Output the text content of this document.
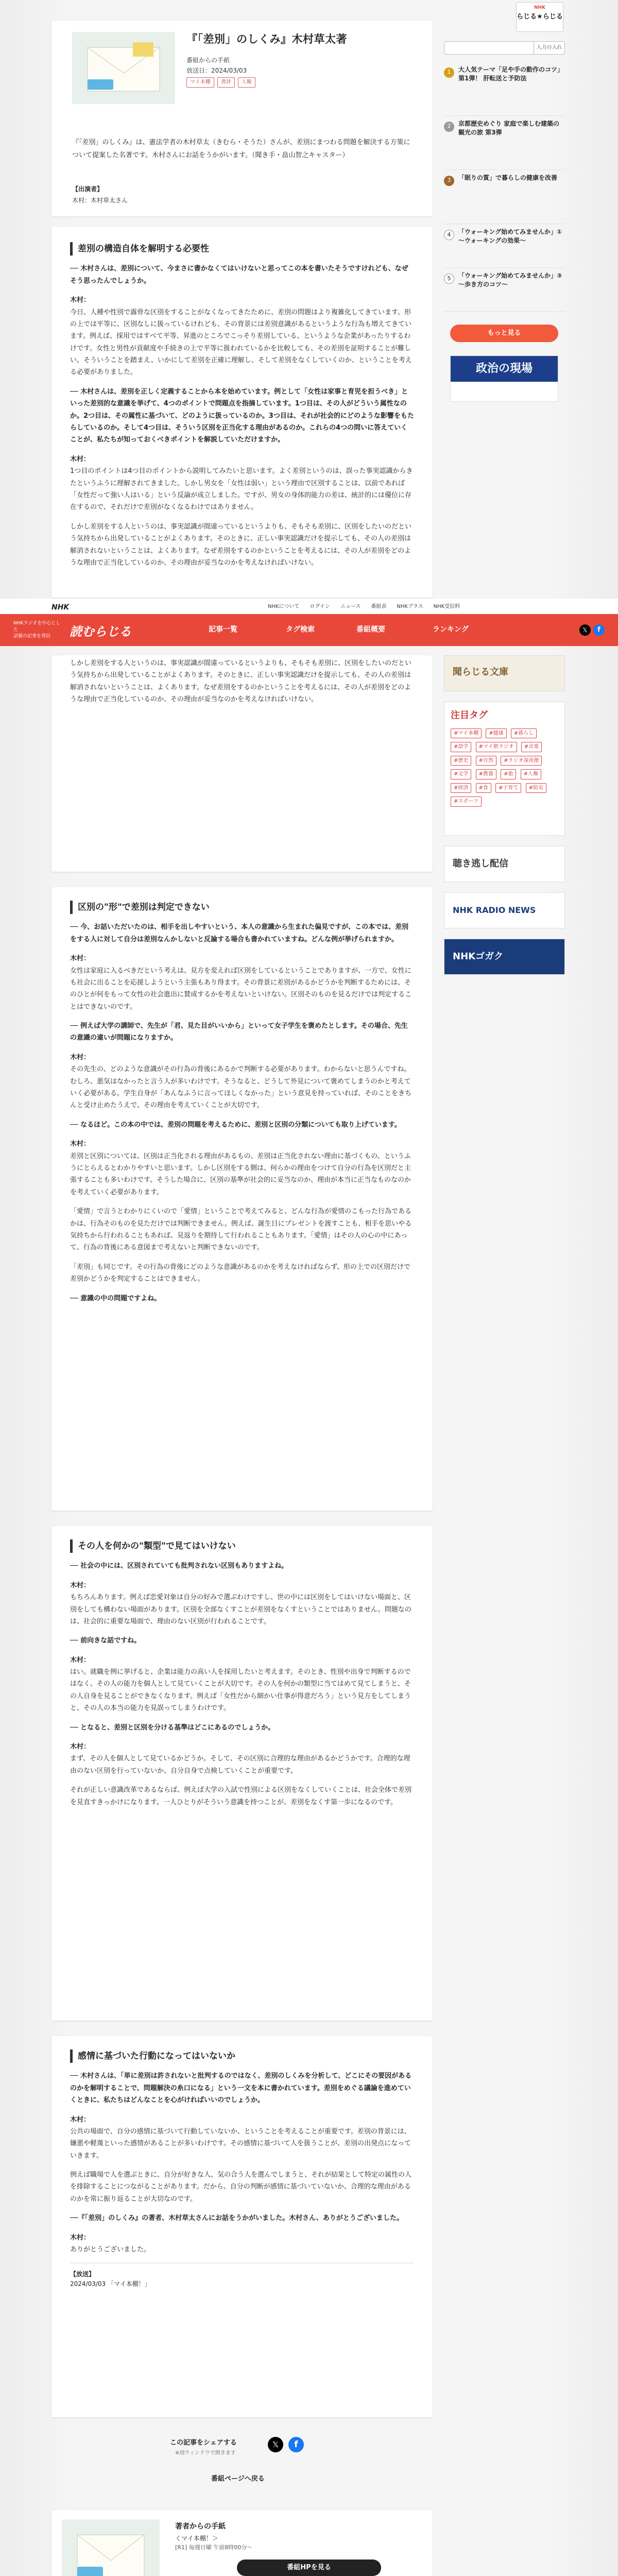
『「差別」のしくみ』木村草太著
番組からの手紙
放送日：2024/03/03
マイ本棚	書評	人権
『「差別」のしくみ』は、憲法学者の木村草太（きむら・そうた）さんが、差別にまつわる問題を解決する方策について提案した名著です。木村さんにお話をうかがいます。（聞き手・畠山智之キャスター）
【出演者】
木村：木村草太さん
差別の構造自体を解明する必要性

── 木村さんは、差別について、今まさに書かなくてはいけないと思ってこの本を書いたそうですけれども、なぜそう思ったんでしょうか。

木村：
今日、人種や性別で露骨な区別をすることがなくなってきたために、差別の問題はより複雑化してきています。形の上では平等に、区別なしに扱っているけれども、その背景には差別意識があるというような行為も増えてきています。例えば、採用ではすべて平等、昇進のところでこっそり差別している、というような企業があったりするわけです。女性と男性が貢献度や手続きの上で平等に扱われているかを比較しても、その差別を証明することが難しい。そういうことを踏まえ、いかにして差別を正確に理解し、そして差別をなくしていくのか、ということを考える必要がありました。

── 木村さんは、差別を正しく定義することから本を始めています。例として「女性は家事と育児を担うべき」といった差別的な意識を挙げて、4つのポイントで問題点を指摘しています。1つ目は、その人がどういう属性なのか。2つ目は、その属性に基づいて、どのように扱っているのか。3つ目は、それが社会的にどのような影響をもたらしているのか。そして4つ目は、そういう区別を正当化する理由があるのか。これらの4つの問いに答えていくことが、私たちが知っておくべきポイントを解説していただけますか。

木村：
1つ目のポイントは4つ目のポイントから説明してみたいと思います。よく差別というのは、誤った事実認識からきたというふうに理解されてきました。しかし男女を「女性は弱い」という理由で区別することは、以前であれば「女性だって強い人はいる」という反論が成立しました。ですが、男女の身体的能力の差は、統計的には優位に存在するので、それだけで差別がなくなるわけではありません。

しかし差別をする人というのは、事実認識が間違っているというよりも、そもそも差別に、区別をしたいのだという気持ちから出発していることがよくあります。そのときに、正しい事実認識だけを提示しても、その人の差別は解消されないということは、よくあります。なぜ差別をするのかということを考えるには、その人が差別をどのような理由で正当化しているのか、その理由が妥当なのかを考えなければいけない。

NHK
らじる★らじる
入力の入れ
1	大人気テーマ「足や手の動作のコツ」第1弾！ 肝転送と予防法
2	京都歴史めぐり 家庭で楽しむ建築の観光の旅 第3弾
3	「眠りの質」で暮らしの健康を改善
4	「ウォーキング始めてみませんか」① 〜ウォーキングの効果〜
5	「ウォーキング始めてみませんか」③ 〜歩き方のコツ〜
もっと見る
政治の現場
NHK	NHKについて ログイン ニュース 番組表 NHKプラス NHK受信料
NHKラジオを中心とした
話題の記事を発信	読むらじる	記事一覧	タグ検索	番組概要	ランキング	𝕏	f

しかし差別をする人というのは、事実認識が間違っているというよりも、そもそも差別に、区別をしたいのだという気持ちから出発していることがよくあります。そのときに、正しい事実認識だけを提示しても、その人の差別は解消されないということは、よくあります。なぜ差別をするのかということを考えるには、その人が差別をどのような理由で正当化しているのか、その理由が妥当なのかを考えなければいけない。

区別の"形"で差別は判定できない

── 今、お話いただいたのは、相手を出しやすいという、本人の意識から生まれた偏見ですが、この本では、差別をする人に対して自分は差別なんかしないと反論する場合も書かれていますね。どんな例が挙げられますか。

木村：
女性は家庭に入るべきだという考えは、見方を変えれば区別をしているということでありますが、一方で、女性にも社会に出ることを応援しようという主張もあり得ます。その背景に差別があるかどうかを判断するためには、そのひとが何をもって女性の社会進出に賛成するかを考えないといけない。区別そのものを見るだけでは判定することはできないのです。

── 例えば大学の講師で、先生が「君、見た目がいいから」といって女子学生を褒めたとします。その場合、先生の意識の違いが問題になりますか。

木村：
その先生の、どのような意識がその行為の背後にあるかで判断する必要があります。わからないと思うんですね。むしろ、悪気はなかったと言う人が多いわけです。そうなると、どうして外見について褒めてしまうのかと考えていく必要がある。学生自身が「あんなふうに言ってほしくなかった」という意見を持っていれば、そのことをきちんと受け止めたうえで、その理由を考えていくことが大切です。

── なるほど。この本の中では、差別の問題を考えるために、差別と区別の分類についても取り上げています。

木村：
差別と区別については、区別は正当化される理由があるもの、差別は正当化されない理由に基づくもの、というふうにとらえるとわかりやすいと思います。しかし区別をする側は、何らかの理由をつけて自分の行為を区別だと主張することも多いわけです。そうした場合に、区別の基準が社会的に妥当なのか、理由が本当に正当なものなのかを考えていく必要があります。

「愛情」で言うとわかりにくいので「愛情」ということで考えてみると、どんな行為が愛情のこもった行為であるかは、行為そのものを見ただけでは判断できません。例えば、誕生日にプレゼントを渡すことも、相手を思いやる気持ちから行われることもあれば、見返りを期待して行われることもあります。「愛情」はその人の心の中にあって、行為の背後にある意図まで考えないと判断できないのです。

「差別」も同じです。その行為の背後にどのような意識があるのかを考えなければならず、形の上での区別だけで差別かどうかを判定することはできません。

── 意識の中の問題ですよね。

その人を何かの"類型"で見てはいけない

── 社会の中には、区別されていても批判されない区別もありますよね。

木村：
もちろんあります。例えば恋愛対象は自分の好みで選ぶわけですし、世の中には区別をしてはいけない場面と、区別をしても構わない場面があります。区別を全部なくすことが差別をなくすということではありません。問題なのは、社会的に重要な場面で、理由のない区別が行われることです。

── 前向きな話ですね。

木村：
はい。就職を例に挙げると、企業は能力の高い人を採用したいと考えます。そのとき、性別や出身で判断するのではなく、その人の能力を個人として見ていくことが大切です。その人を何かの類型に当てはめて見てしまうと、その人自身を見ることができなくなります。例えば「女性だから細かい仕事が得意だろう」という見方をしてしまうと、その人の本当の能力を見誤ってしまうわけです。

── となると、差別と区別を分ける基準はどこにあるのでしょうか。

木村：
まず、その人を個人として見ているかどうか。そして、その区別に合理的な理由があるかどうかです。合理的な理由のない区別を行っていないか、自分自身で点検していくことが重要です。

それが正しい意識改革であるならば、例えば大学の入試で性別による区別をなくしていくことは、社会全体で差別を見直すきっかけになります。一人ひとりがそういう意識を持つことが、差別をなくす第一歩になるのです。

感情に基づいた行動になってはいないか

── 木村さんは、「単に差別は許されないと批判するのではなく、差別のしくみを分析して、どこにその要因があるのかを解明することで、問題解決の糸口になる」という一文を本に書かれています。差別をめぐる議論を進めていくときに、私たちはどんなことを心がければいいのでしょうか。

木村：
公共の場面で、自分の感情に基づいて行動していないか、ということを考えることが重要です。差別の背景には、嫌悪や軽蔑といった感情があることが多いわけです。その感情に基づいて人を扱うことが、差別の出発点になっていきます。

例えば職場で人を選ぶときに、自分が好きな人、気の合う人を選んでしまうと、それが結果として特定の属性の人を排除することにつながることがあります。だから、自分の判断が感情に基づいていないか、合理的な理由があるのかを常に振り返ることが大切なのです。

──『「差別」のしくみ』の著者、木村草太さんにお話をうかがいました。木村さん、ありがとうございました。

木村：
ありがとうございました。

【放送】
2024/03/03 「マイ本棚！」
この記事をシェアする
※別ウィンドウで開きます
𝕏	f
番組ページへ戻る
著者からの手紙
くマイ本棚！＞
[R1] 毎週日曜 午前8時00分〜
番組HPを見る
聞らじる文庫
注目タグ
#マイ本棚 #健康 #暮らし #語学 #マイ朝ラジオ #音楽 #歴史 #自然 #ラジオ深夜便 #文学 #教養 #旅 #人権 #経済 #食 #子育て #防災 #スポーツ
聴き逃し配信
NHK RADIO NEWS
NHKゴガク
